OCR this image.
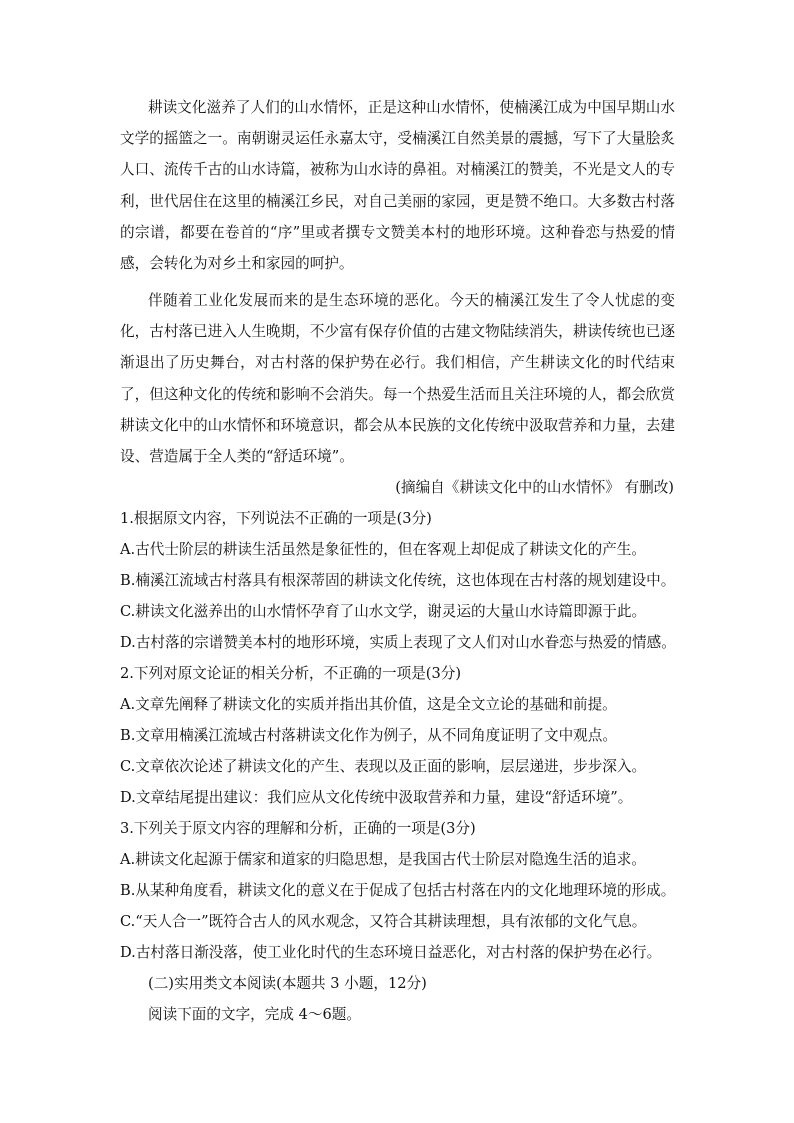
耕读文化滋养了人们的山水情怀，正是这种山水情怀，使楠溪江成为中国早期山水文学的摇篮之一。南朝谢灵运任永嘉太守，受楠溪江自然美景的震撼，写下了大量脍炙人口、流传千古的山水诗篇，被称为山水诗的鼻祖。对楠溪江的赞美，不光是文人的专利，世代居住在这里的楠溪江乡民，对自己美丽的家园，更是赞不绝口。大多数古村落的宗谱，都要在卷首的“序”里或者撰专文赞美本村的地形环境。这种眷恋与热爱的情感，会转化为对乡土和家园的呵护。

伴随着工业化发展而来的是生态环境的恶化。今天的楠溪江发生了令人忧虑的变化，古村落已进入人生晚期，不少富有保存价值的古建文物陆续消失，耕读传统也已逐渐退出了历史舞台，对古村落的保护势在必行。我们相信，产生耕读文化的时代结束了，但这种文化的传统和影响不会消失。每一个热爱生活而且关注环境的人，都会欣赏耕读文化中的山水情怀和环境意识，都会从本民族的文化传统中汲取营养和力量，去建设、营造属于全人类的“舒适环境”。

(摘编自《耕读文化中的山水情怀》 有删改)

1.根据原文内容，下列说法不正确的一项是(3分)

A.古代士阶层的耕读生活虽然是象征性的，但在客观上却促成了耕读文化的产生。

B.楠溪江流域古村落具有根深蒂固的耕读文化传统，这也体现在古村落的规划建设中。

C.耕读文化滋养出的山水情怀孕育了山水文学，谢灵运的大量山水诗篇即源于此。

D.古村落的宗谱赞美本村的地形环境，实质上表现了文人们对山水眷恋与热爱的情感。

2.下列对原文论证的相关分析，不正确的一项是(3分)

A.文章先阐释了耕读文化的实质并指出其价值，这是全文立论的基础和前提。

B.文章用楠溪江流域古村落耕读文化作为例子，从不同角度证明了文中观点。

C.文章依次论述了耕读文化的产生、表现以及正面的影响，层层递进，步步深入。

D.文章结尾提出建议：我们应从文化传统中汲取营养和力量，建设“舒适环境”。

3.下列关于原文内容的理解和分析，正确的一项是(3分)

A.耕读文化起源于儒家和道家的归隐思想，是我国古代士阶层对隐逸生活的追求。

B.从某种角度看，耕读文化的意义在于促成了包括古村落在内的文化地理环境的形成。

C.“天人合一”既符合古人的风水观念，又符合其耕读理想，具有浓郁的文化气息。

D.古村落日渐没落，使工业化时代的生态环境日益恶化，对古村落的保护势在必行。

(二)实用类文本阅读(本题共 3 小题，12分)

阅读下面的文字，完成 4～6题。
